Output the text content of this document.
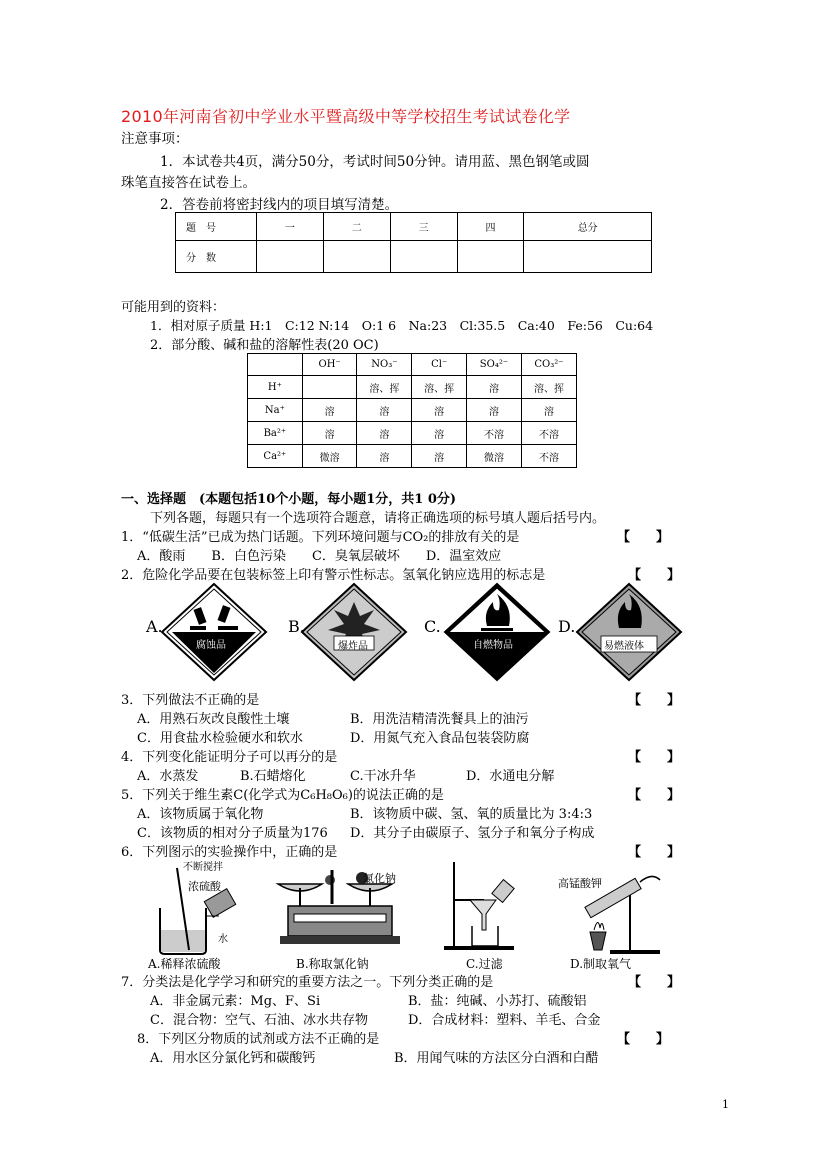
2010年河南省初中学业水平暨高级中等学校招生考试试卷化学
注意事项：
1．本试卷共4页，满分50分，考试时间50分钟。请用蓝、黑色钢笔或圆
珠笔直接答在试卷上。
2．答卷前将密封线内的项目填写清楚。
题　号	一	二	三	四	总分
分　数					
可能用到的资料：
1．相对原子质量 H:1　C:12 N:14　O:1 6　Na:23　Cl:35.5　Ca:40　Fe:56　Cu:64
2．部分酸、碱和盐的溶解性表(20 OC)
	OH⁻	NO₃⁻	Cl⁻	SO₄²⁻	CO₃²⁻
H⁺		溶、挥	溶、挥	溶	溶、挥
Na⁺	溶	溶	溶	溶	溶
Ba²⁺	溶	溶	溶	不溶	不溶
Ca²⁺	微溶	溶	溶	微溶	不溶
一、选择题　(本题包括10个小题，每小题1分，共1 0分)
下列各题，每题只有一个选项符合题意，请将正确选项的标号填人题后括号内。
1．“低碳生活”已成为热门话题。下列环境问题与CO₂的排放有关的是	【　　】
A．酸雨　　B．白色污染　　C．臭氧层破坏　　D．温室效应
2．危险化学品要在包装标签上印有警示性标志。氢氧化钠应选用的标志是	【　　】
A.	B.	C.	D.
腐蚀品	爆炸品	自燃物品	易燃液体
3．下列做法不正确的是	【　　】
A．用熟石灰改良酸性土壤	B．用洗洁精清洗餐具上的油污
C．用食盐水检验硬水和软水	D．用氮气充入食品包装袋防腐
4．下列变化能证明分子可以再分的是	【　　】
A．水蒸发	B.石蜡熔化	C.干冰升华	D．水通电分解
5．下列关于维生素C(化学式为C₆H₈O₆)的说法正确的是	【　　】
A．该物质属于氧化物	B．该物质中碳、氢、氧的质量比为 3:4:3
C．该物质的相对分子质量为176 D．其分子由碳原子、氢分子和氧分子构成
6．下列图示的实验操作中，正确的是	【　　】
不断搅拌
浓硫酸
水
A.稀释浓硫酸
氯化钠
B.称取氯化钠	C.过滤
高锰酸钾
D.制取氧气
7．分类法是化学学习和研究的重要方法之一。下列分类正确的是	【　　】
A．非金属元素：Mg、F、Si	B．盐：纯碱、小苏打、硫酸铝
C．混合物：空气、石油、冰水共存物	D．合成材料：塑料、羊毛、合金
8．下列区分物质的试剂或方法不正确的是	【　　】
A．用水区分氯化钙和碳酸钙	B．用闻气味的方法区分白酒和白醋
1
